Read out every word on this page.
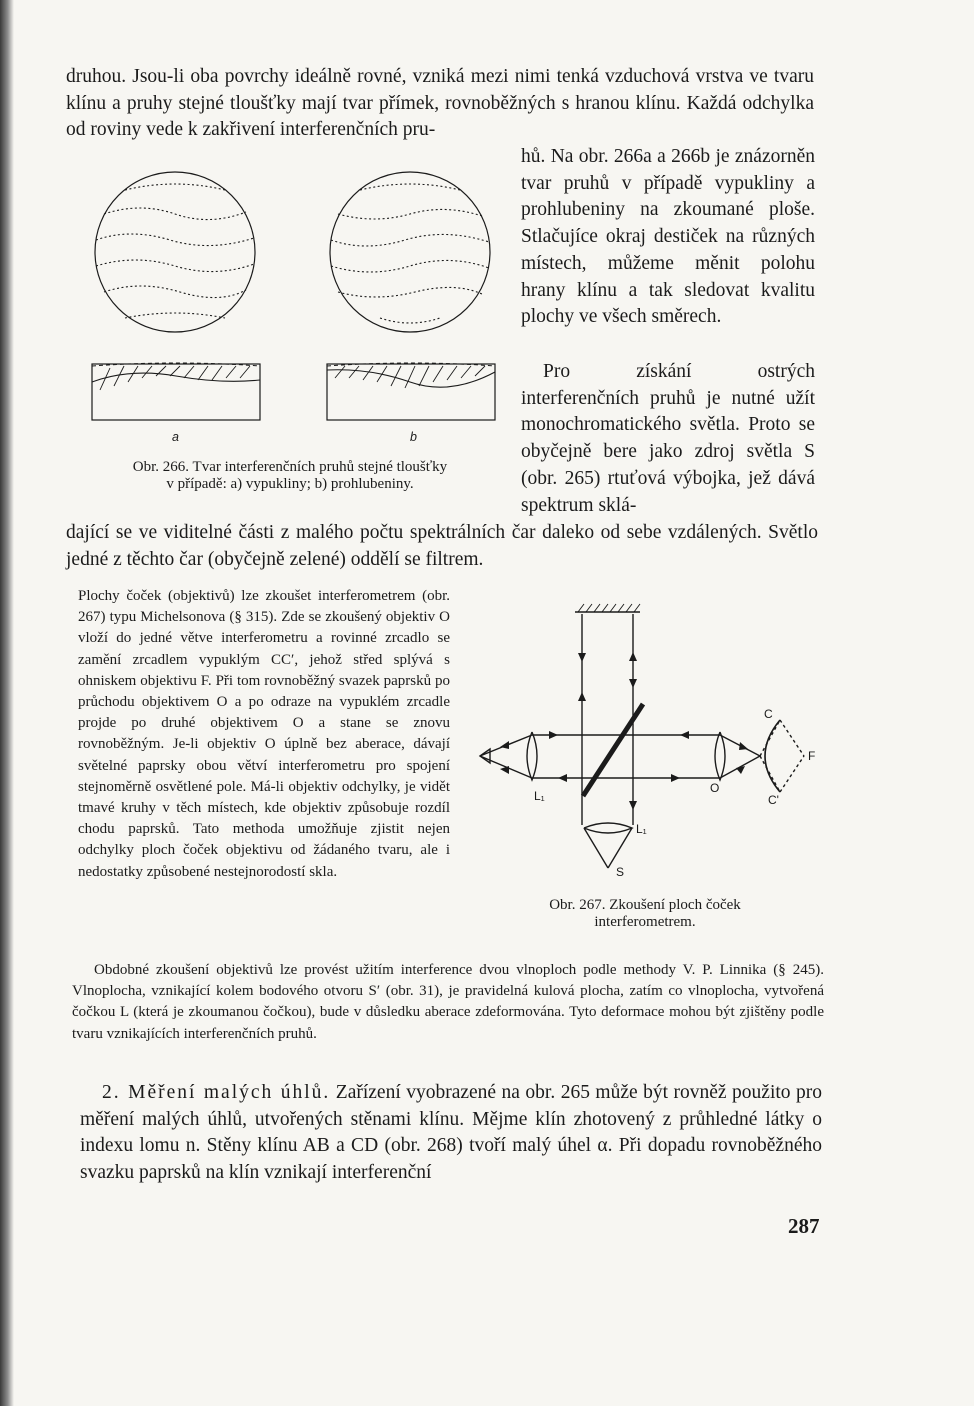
druhou. Jsou-li oba povrchy ideálně rovné, vzniká mezi nimi tenká vzduchová vrstva ve tvaru klínu a pruhy stejné tloušťky mají tvar přímek, rovnoběžných s hranou klínu. Každá odchylka od roviny vede k zakřivení interferenčních pru-

hů. Na obr. 266a a 266b je znázorněn tvar pruhů v případě vypukliny a prohlubeniny na zkoumané ploše. Stlačujíce okraj destiček na různých místech, můžeme měnit polohu hrany klínu a tak sledovat kvalitu plochy ve všech směrech.

Pro získání ostrých interferenčních pruhů je nutné užít monochromatického světla. Proto se obyčejně bere jako zdroj světla S (obr. 265) rtuťová výbojka, jež dává spektrum sklá-

dající se ve viditelné části z malého počtu spektrálních čar daleko od sebe vzdálených. Světlo jedné z těchto čar (obyčejně zelené) oddělí se filtrem.

a	b

Obr. 266. Tvar interferenčních pruhů stejné tloušťky
v případě: a) vypukliny; b) prohlubeniny.

Plochy čoček (objektivů) lze zkoušet interferometrem (obr. 267) typu Michelsonova (§ 315). Zde se zkoušený objektiv O vloží do jedné větve interferometru a rovinné zrcadlo se zamění zrcadlem vypuklým CC′, jehož střed splývá s ohniskem objektivu F. Při tom rovnoběžný svazek paprsků po průchodu objektivem O a po odraze na vypuklém zrcadle projde po druhé objektivem O a stane se znovu rovnoběžným. Je-li objektiv O úplně bez aberace, dávají světelné paprsky obou větví interferometru pro spojení stejnoměrně osvětlené pole. Má-li objektiv odchylky, je vidět tmavé kruhy v těch místech, kde objektiv způsobuje rozdíl chodu paprsků. Tato methoda umožňuje zjistit nejen odchylky ploch čoček objektivu od žádaného tvaru, ale i nedostatky způsobené nestejnorodostí skla.

C
F
C'
L₁
O
L₁
S

Obr. 267. Zkoušení ploch čoček
interferometrem.

Obdobné zkoušení objektivů lze provést užitím interference dvou vlnoploch podle methody V. P. Linnika (§ 245). Vlnoplocha, vznikající kolem bodového otvoru S′ (obr. 31), je pravidelná kulová plocha, zatím co vlnoplocha, vytvořená čočkou L (která je zkoumanou čočkou), bude v důsledku aberace zdeformována. Tyto deformace mohou být zjištěny podle tvaru vznikajících interferenčních pruhů.

2. Měření malých úhlů. Zařízení vyobrazené na obr. 265 může být rovněž použito pro měření malých úhlů, utvořených stěnami klínu. Mějme klín zhotovený z průhledné látky o indexu lomu n. Stěny klínu AB a CD (obr. 268) tvoří malý úhel α. Při dopadu rovnoběžného svazku paprsků na klín vznikají interferenční

287
